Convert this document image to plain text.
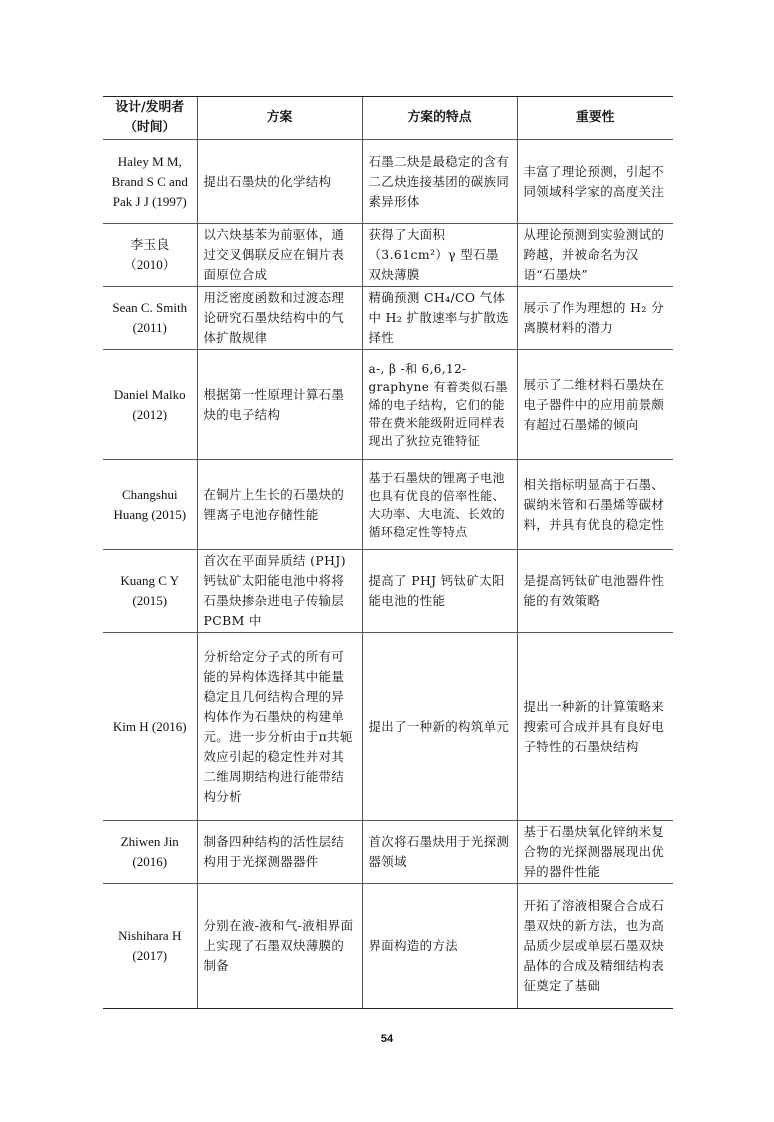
设计/发明者（时间）	方案	方案的特点	重要性
Haley M M, Brand S C and Pak J J (1997)	提出石墨炔的化学结构	石墨二炔是最稳定的含有二乙炔连接基团的碳族同素异形体	丰富了理论预测，引起不同领域科学家的高度关注
李玉良（2010）	以六炔基苯为前驱体，通过交叉偶联反应在铜片表面原位合成	获得了大面积（3.61cm²）γ 型石墨双炔薄膜	从理论预测到实验测试的跨越，并被命名为汉语“石墨炔”
Sean C. Smith (2011)	用泛密度函数和过渡态理论研究石墨炔结构中的气体扩散规律	精确预测 CH₄/CO 气体中 H₂ 扩散速率与扩散选择性	展示了作为理想的 H₂ 分离膜材料的潜力
Daniel Malko (2012)	根据第一性原理计算石墨炔的电子结构	a-, β -和 6,6,12-graphyne 有着类似石墨烯的电子结构，它们的能带在费米能级附近同样表现出了狄拉克锥特征	展示了二维材料石墨炔在电子器件中的应用前景颇有超过石墨烯的倾向
Changshui Huang (2015)	在铜片上生长的石墨炔的锂离子电池存储性能	基于石墨炔的锂离子电池也具有优良的倍率性能、大功率、大电流、长效的循环稳定性等特点	相关指标明显高于石墨、碳纳米管和石墨烯等碳材料，并具有优良的稳定性
Kuang C Y (2015)	首次在平面异质结 (PHJ)钙钛矿太阳能电池中将将石墨炔掺杂进电子传输层 PCBM 中	提高了 PHJ 钙钛矿太阳能电池的性能	是提高钙钛矿电池器件性能的有效策略
Kim H (2016)	分析给定分子式的所有可能的异构体选择其中能量稳定且几何结构合理的异构体作为石墨炔的构建单元。进一步分析由于π共轭效应引起的稳定性并对其二维周期结构进行能带结构分析	提出了一种新的构筑单元	提出一种新的计算策略来搜索可合成并具有良好电子特性的石墨炔结构
Zhiwen Jin (2016)	制备四种结构的活性层结构用于光探测器器件	首次将石墨炔用于光探测器领域	基于石墨炔氧化锌纳米复合物的光探测器展现出优异的器件性能
Nishihara H (2017)	分别在液-液和气-液相界面上实现了石墨双炔薄膜的制备	界面构造的方法	开拓了溶液相聚合合成石墨双炔的新方法，也为高品质少层或单层石墨双炔晶体的合成及精细结构表征奠定了基础
54
